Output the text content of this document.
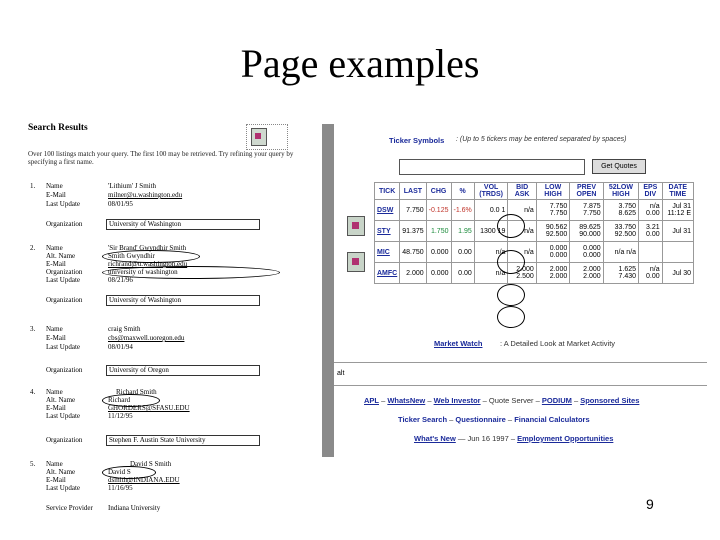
Page examples
Search Results
Over 100 listings match your query. The first 100 may be retrieved. Try refining your query by specifying a first name.
1. Name	'Lithium' J Smith
E-Mail	milner@u.washington.edu
Last Update	08/01/95
Organization	University of Washington
2. Name	'Sir Brand' Gwyndhir Smith
Alt. Name	Smith Gwyndhir
E-Mail	richrand@u.washington.edu
Organization	university of washington
Last Update	08/21/96
Organization	University of Washington
3. Name	craig Smith
E-Mail	cbs@maxwell.uoregon.edu
Last Update	08/01/94
Organization	University of Oregon
4. Name	Richard Smith
Alt. Name	Richard
E-Mail	GHORDERS@SFASU.EDU
Last Update	11/12/95
Organization	Stephen F. Austin State University
5. Name	David S Smith
Alt. Name	David S
E-Mail	dsmith@INDIANA.EDU
Last Update	11/16/95
Service Provider	Indiana University
Ticker Symbols : (Up to 5 tickers may be entered separated by spaces)
Get Quotes
TICK	LAST	CHG	%	VOL (TRDS)	BID ASK	LOW HIGH	PREV OPEN	52LOW HIGH	EPS DIV	DATE TIME
DSW	7.750	-0.125	-1.6%	0.0 1	n/a	7.750 7.750	7.875 7.750	3.750 8.625	n/a 0.00	Jul 31 11:12 E
STY	91.375	1.750	1.95	1300 19	n/a	90.562 92.500	89.625 90.000	33.750 92.500	3.21 0.00	Jul 31
MIC	48.750	0.000	0.00	n/a	n/a	0.000 0.000	0.000 0.000	n/a n/a		
AMFC	2.000	0.000	0.00	n/a	2.000 2.500	2.000 2.000	2.000 2.000	1.625 7.430	n/a 0.00	Jul 30
Market Watch : A Detailed Look at Market Activity
alt
APL – WhatsNew – Web Investor – Quote Server – PODIUM – Sponsored Sites
Ticker Search – Questionnaire – Financial Calculators
What's New — Jun 16 1997 – Employment Opportunities
9
